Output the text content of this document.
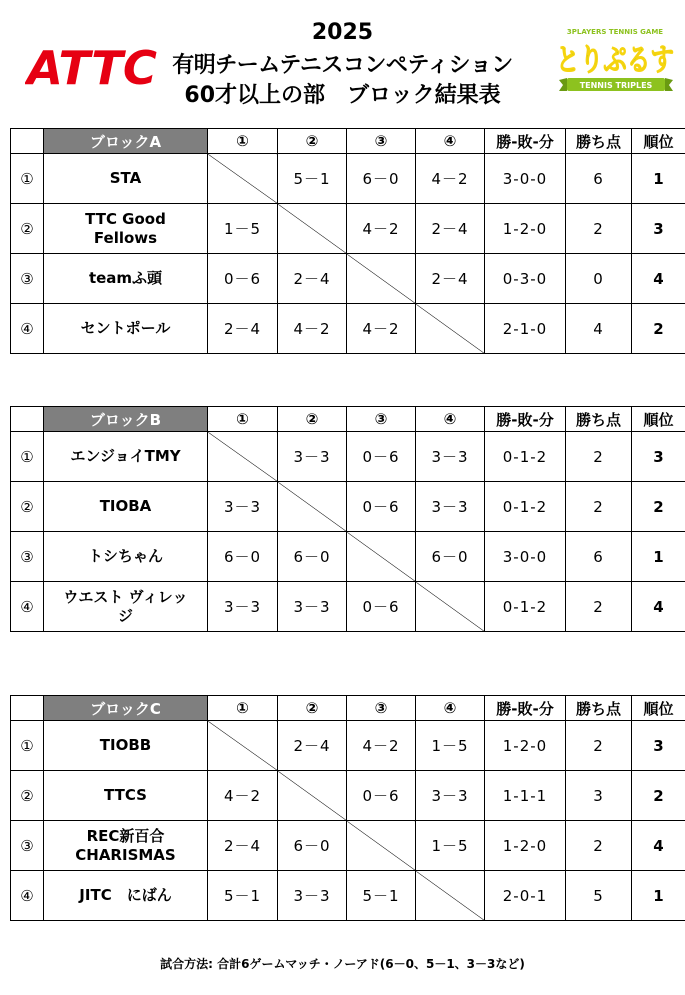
ATTC
2025
有明チームテニスコンペティション
60才以上の部　ブロック結果表
3PLAYERS TENNIS GAME
とりぷるす
TENNIS TRIPLES
	ブロックA	①	②	③	④	勝-敗-分	勝ち点	順位
①	STA		5－1	6－0	4－2	3-0-0	6	1
②	TTC Good
Fellows	1－5		4－2	2－4	1-2-0	2	3
③	teamふ頭	0－6	2－4		2－4	0-3-0	0	4
④	セントポール	2－4	4－2	4－2		2-1-0	4	2
	ブロックB	①	②	③	④	勝-敗-分	勝ち点	順位
①	エンジョイTMY		3－3	0－6	3－3	0-1-2	2	3
②	TIOBA	3－3		0－6	3－3	0-1-2	2	2
③	トシちゃん	6－0	6－0		6－0	3-0-0	6	1
④	ウエスト ヴィレッ
ジ	3－3	3－3	0－6		0-1-2	2	4
	ブロックC	①	②	③	④	勝-敗-分	勝ち点	順位
①	TIOBB		2－4	4－2	1－5	1-2-0	2	3
②	TTCS	4－2		0－6	3－3	1-1-1	3	2
③	REC新百合
CHARISMAS	2－4	6－0		1－5	1-2-0	2	4
④	JITC　にばん	5－1	3－3	5－1		2-0-1	5	1
試合方法: 合計6ゲームマッチ・ノーアド(6－0、5－1、3－3など)
